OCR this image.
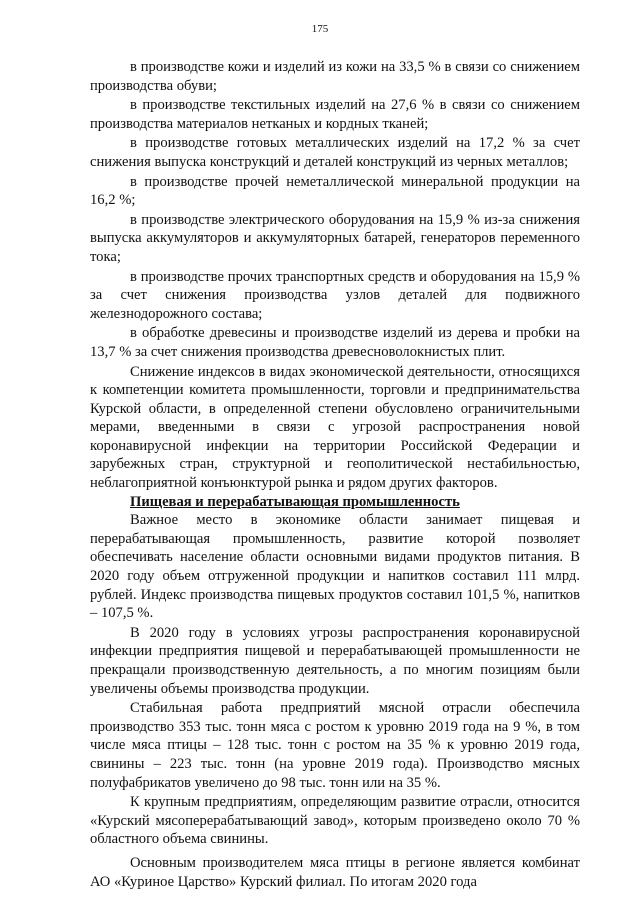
175

в производстве кожи и изделий из кожи на 33,5 % в связи со снижением производства обуви;

в производстве текстильных изделий на 27,6 % в связи со снижением производства материалов нетканых и кордных тканей;

в производстве готовых металлических изделий на 17,2 % за счет снижения выпуска конструкций и деталей конструкций из черных металлов;

в производстве прочей неметаллической минеральной продукции на 16,2 %;

в производстве электрического оборудования на 15,9 % из-за снижения выпуска аккумуляторов и аккумуляторных батарей, генераторов переменного тока;

в производстве прочих транспортных средств и оборудования на 15,9 % за счет снижения производства узлов деталей для подвижного железнодорожного состава;

в обработке древесины и производстве изделий из дерева и пробки на 13,7 % за счет снижения производства древесноволокнистых плит.

Снижение индексов в видах экономической деятельности, относящихся к компетенции комитета промышленности, торговли и предпринимательства Курской области, в определенной степени обусловлено ограничительными мерами, введенными в связи с угрозой распространения новой коронавирусной инфекции на территории Российской Федерации и зарубежных стран, структурной и геополитической нестабильностью, неблагоприятной конъюнктурой рынка и рядом других факторов.

Пищевая и перерабатывающая промышленность

Важное место в экономике области занимает пищевая и перерабатывающая промышленность, развитие которой позволяет обеспечивать население области основными видами продуктов питания. В 2020 году объем отгруженной продукции и напитков составил 111 млрд. рублей. Индекс производства пищевых продуктов составил 101,5 %, напитков – 107,5 %.

В 2020 году в условиях угрозы распространения коронавирусной инфекции предприятия пищевой и перерабатывающей промышленности не прекращали производственную деятельность, а по многим позициям были увеличены объемы производства продукции.

Стабильная работа предприятий мясной отрасли обеспечила производство 353 тыс. тонн мяса с ростом к уровню 2019 года на 9 %, в том числе мяса птицы – 128 тыс. тонн с ростом на 35 % к уровню 2019 года, свинины – 223 тыс. тонн (на уровне 2019 года). Производство мясных полуфабрикатов увеличено до 98 тыс. тонн или на 35 %.

К крупным предприятиям, определяющим развитие отрасли, относится «Курский мясоперерабатывающий завод», которым произведено около 70 % областного объема свинины.

Основным производителем мяса птицы в регионе является комбинат АО «Куриное Царство» Курский филиал. По итогам 2020 года
